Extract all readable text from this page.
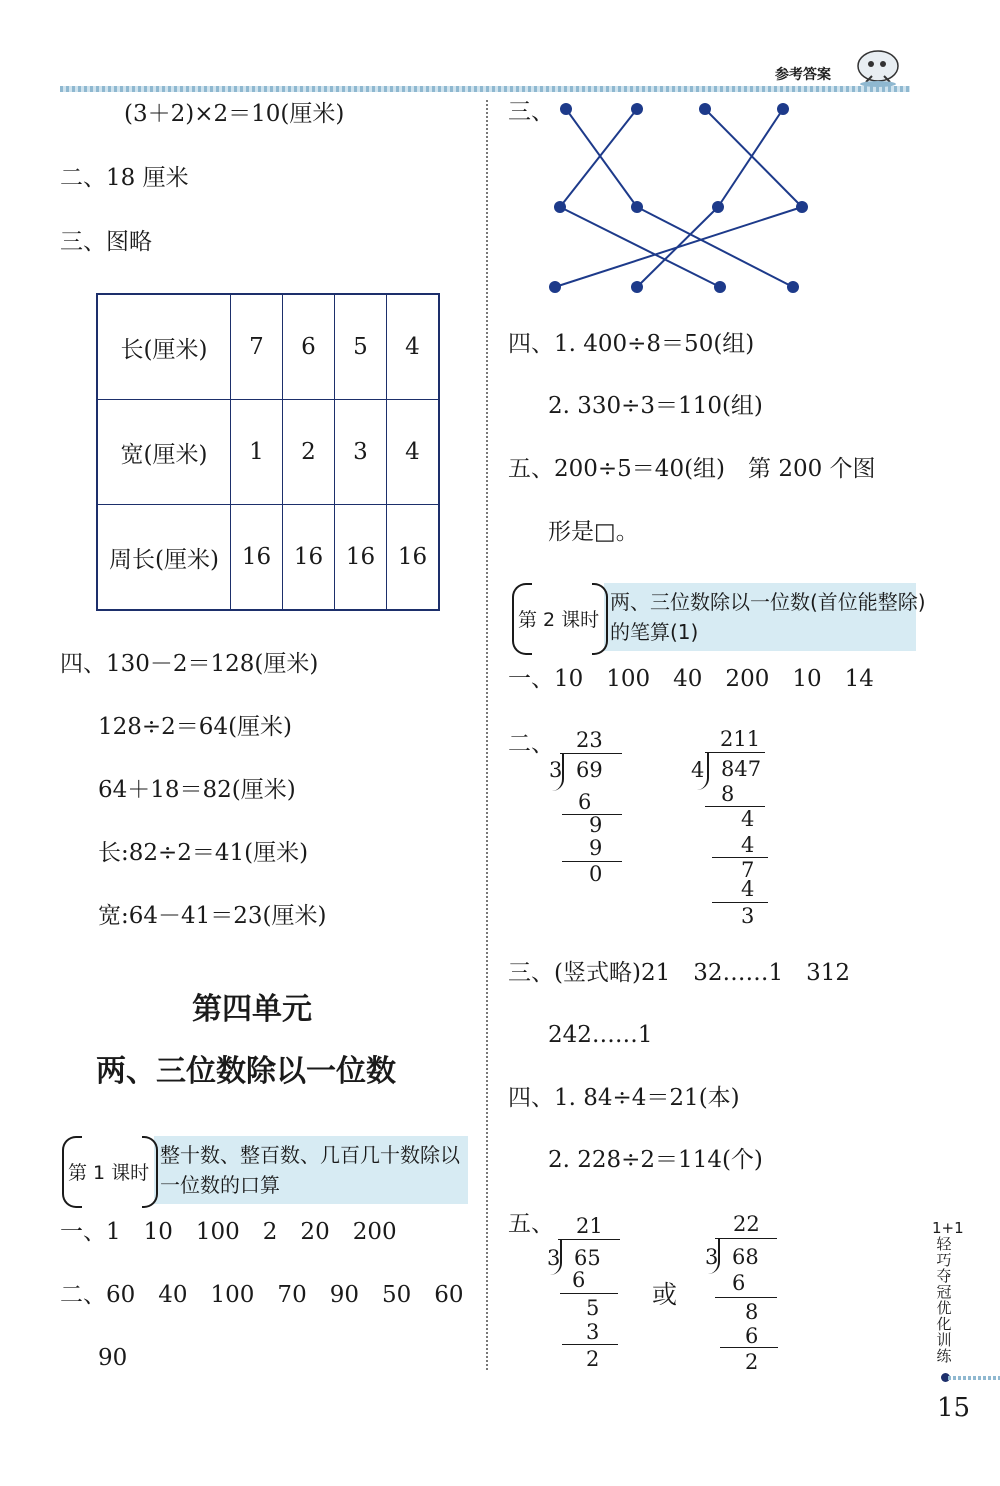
参考答案
(3＋2)×2＝10(厘米)
二、18 厘米
三、图略
长(厘米)	7	6	5	4
宽(厘米)	1	2	3	4
周长(厘米)	16	16	16	16
四、130－2＝128(厘米)
128÷2＝64(厘米)
64＋18＝82(厘米)
长:82÷2＝41(厘米)
宽:64－41＝23(厘米)
第四单元
两、三位数除以一位数
第 1 课时
整十数、整百数、几百几十数除以
一位数的口算
一、1　10　100　2　20　200
二、60　40　100　70　90　50　60
90
三、
四、1. 400÷8＝50(组)
2. 330÷3＝110(组)
五、200÷5＝40(组)　第 200 个图
形是□。
第 2 课时
两、三位数除以一位数(首位能整除)
的笔算(1)
一、10　100　40　200　10　14
二、 23
3 69
6
9
9
0
211
4 847
8
4
4
7
4
3
三、(竖式略)21　32……1　312
242……1
四、1. 84÷4＝21(本)
2. 228÷2＝114(个)
五、 21
3 65
6
5
3
2
或
22
3 68
6
8
6
2
1+1轻巧夺冠优化训练
15
